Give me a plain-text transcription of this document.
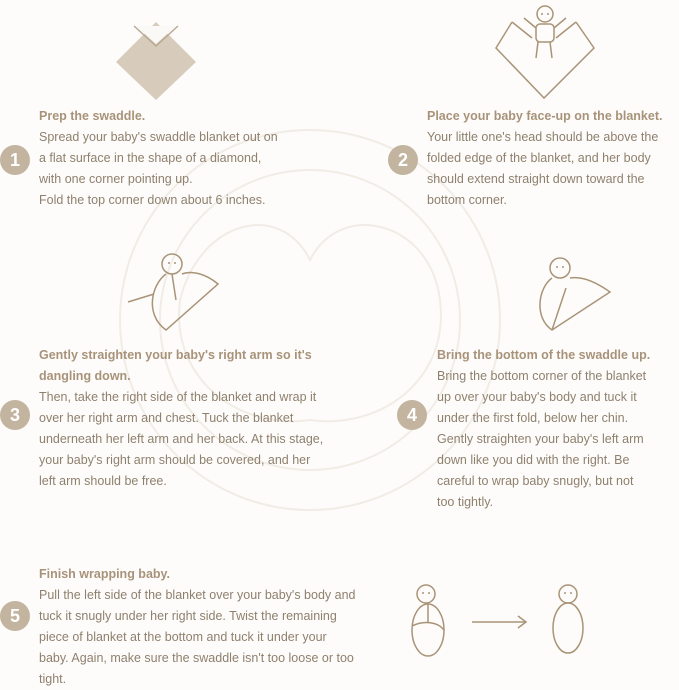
1
Prep the swaddle.

Spread your baby's swaddle blanket out on

a flat surface in the shape of a diamond,

with one corner pointing up.

Fold the top corner down about 6 inches.

2
Place your baby face-up on the blanket.

Your little one's head should be above the

folded edge of the blanket, and her body

should extend straight down toward the

bottom corner.

3
Gently straighten your baby's right arm so it's
dangling down.

Then, take the right side of the blanket and wrap it

over her right arm and chest. Tuck the blanket

underneath her left arm and her back. At this stage,

your baby's right arm should be covered, and her

left arm should be free.

4
Bring the bottom of the swaddle up.

Bring the bottom corner of the blanket

up over your baby's body and tuck it

under the first fold, below her chin.

Gently straighten your baby's left arm

down like you did with the right. Be

careful to wrap baby snugly, but not

too tightly.

5
Finish wrapping baby.

Pull the left side of the blanket over your baby's body and

tuck it snugly under her right side. Twist the remaining

piece of blanket at the bottom and tuck it under your

baby. Again, make sure the swaddle isn't too loose or too

tight.
